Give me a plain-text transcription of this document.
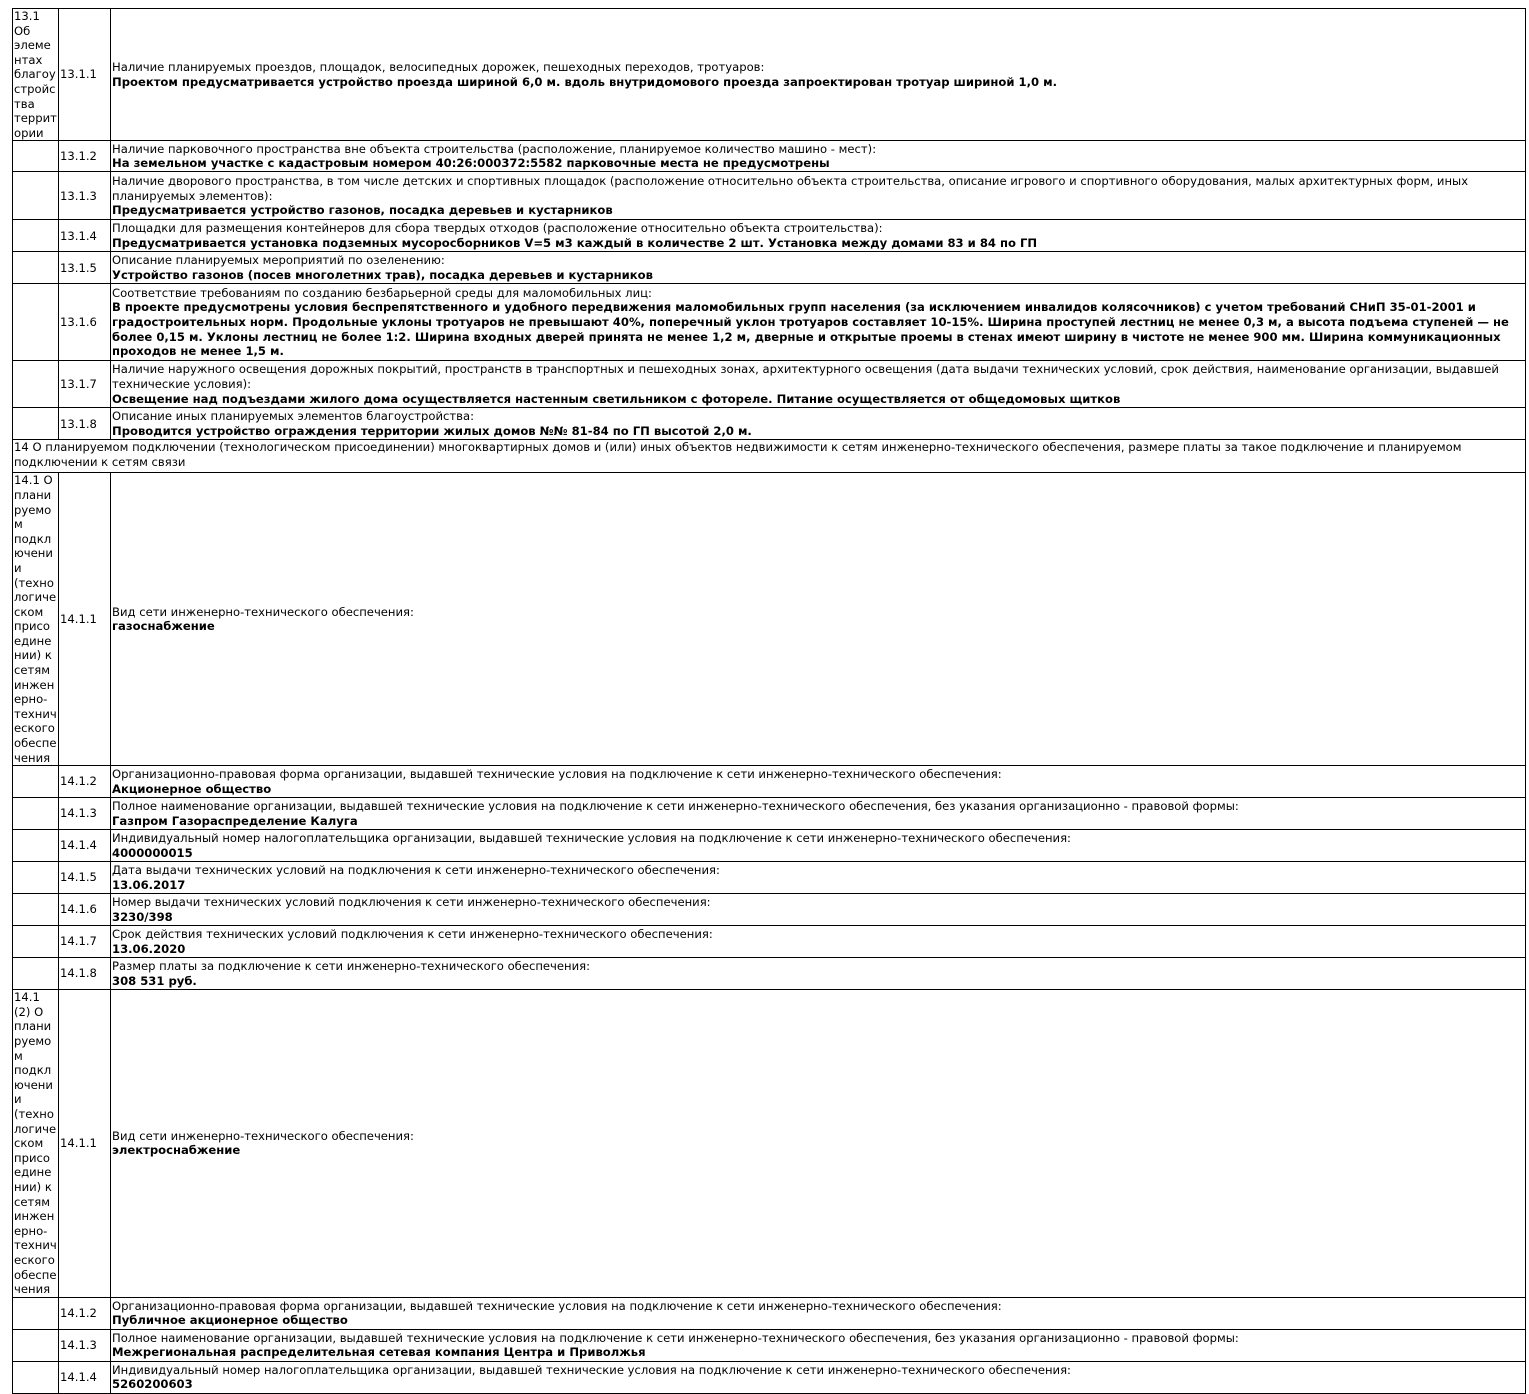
13.1 Об элементах благоустройства территории	13.1.1	Наличие планируемых проездов, площадок, велосипедных дорожек, пешеходных переходов, тротуаров:
Проектом предусматривается устройство проезда шириной 6,0 м. вдоль внутридомового проезда запроектирован тротуар шириной 1,0 м.

	13.1.2	Наличие парковочного пространства вне объекта строительства (расположение, планируемое количество машино - мест):
На земельном участке с кадастровым номером 40:26:000372:5582 парковочные места не предусмотрены

	13.1.3	Наличие дворового пространства, в том числе детских и спортивных площадок (расположение относительно объекта строительства, описание игрового и спортивного оборудования, малых архитектурных форм, иных планируемых элементов):
Предусматривается устройство газонов, посадка деревьев и кустарников

	13.1.4	Площадки для размещения контейнеров для сбора твердых отходов (расположение относительно объекта строительства):
Предусматривается установка подземных мусоросборников V=5 м3 каждый в количестве 2 шт. Установка между домами 83 и 84 по ГП

	13.1.5	Описание планируемых мероприятий по озеленению:
Устройство газонов (посев многолетних трав), посадка деревьев и кустарников

	13.1.6	Соответствие требованиям по созданию безбарьерной среды для маломобильных лиц:
В проекте предусмотрены условия беспрепятственного и удобного передвижения маломобильных групп населения (за исключением инвалидов колясочников) с учетом требований СНиП 35-01-2001 и градостроительных норм. Продольные уклоны тротуаров не превышают 40%, поперечный уклон тротуаров составляет 10-15%. Ширина проступей лестниц не менее 0,3 м, а высота подъема ступеней — не более 0,15 м. Уклоны лестниц не более 1:2. Ширина входных дверей принята не менее 1,2 м, дверные и открытые проемы в стенах имеют ширину в чистоте не менее 900 мм. Ширина коммуникационных проходов не менее 1,5 м.

	13.1.7	Наличие наружного освещения дорожных покрытий, пространств в транспортных и пешеходных зонах, архитектурного освещения (дата выдачи технических условий, срок действия, наименование организации, выдавшей технические условия):
Освещение над подъездами жилого дома осуществляется настенным светильником с фотореле. Питание осуществляется от общедомовых щитков

	13.1.8	Описание иных планируемых элементов благоустройства:
Проводится устройство ограждения территории жилых домов №№ 81-84 по ГП высотой 2,0 м.

14 О планируемом подключении (технологическом присоединении) многоквартирных домов и (или) иных объектов недвижимости к сетям инженерно-технического обеспечения, размере платы за такое подключение и планируемом подключении к сетям связи		

14.1 О планируемом подключении (технологическом присоединении) к сетям инженерно-технического обеспечения	14.1.1	Вид сети инженерно-технического обеспечения:
газоснабжение

	14.1.2	Организационно-правовая форма организации, выдавшей технические условия на подключение к сети инженерно-технического обеспечения:
Акционерное общество

	14.1.3	Полное наименование организации, выдавшей технические условия на подключение к сети инженерно-технического обеспечения, без указания организационно - правовой формы:
Газпром Газораспределение Калуга

	14.1.4	Индивидуальный номер налогоплательщика организации, выдавшей технические условия на подключение к сети инженерно-технического обеспечения:
4000000015

	14.1.5	Дата выдачи технических условий на подключения к сети инженерно-технического обеспечения:
13.06.2017

	14.1.6	Номер выдачи технических условий подключения к сети инженерно-технического обеспечения:
3230/398

	14.1.7	Срок действия технических условий подключения к сети инженерно-технического обеспечения:
13.06.2020

	14.1.8	Размер платы за подключение к сети инженерно-технического обеспечения:
308 531 руб.

14.1 (2) О планируемом подключении (технологическом присоединении) к сетям инженерно-технического обеспечения	14.1.1	Вид сети инженерно-технического обеспечения:
электроснабжение

	14.1.2	Организационно-правовая форма организации, выдавшей технические условия на подключение к сети инженерно-технического обеспечения:
Публичное акционерное общество

	14.1.3	Полное наименование организации, выдавшей технические условия на подключение к сети инженерно-технического обеспечения, без указания организационно - правовой формы:
Межрегиональная распределительная сетевая компания Центра и Приволжья

	14.1.4	Индивидуальный номер налогоплательщика организации, выдавшей технические условия на подключение к сети инженерно-технического обеспечения:
5260200603
